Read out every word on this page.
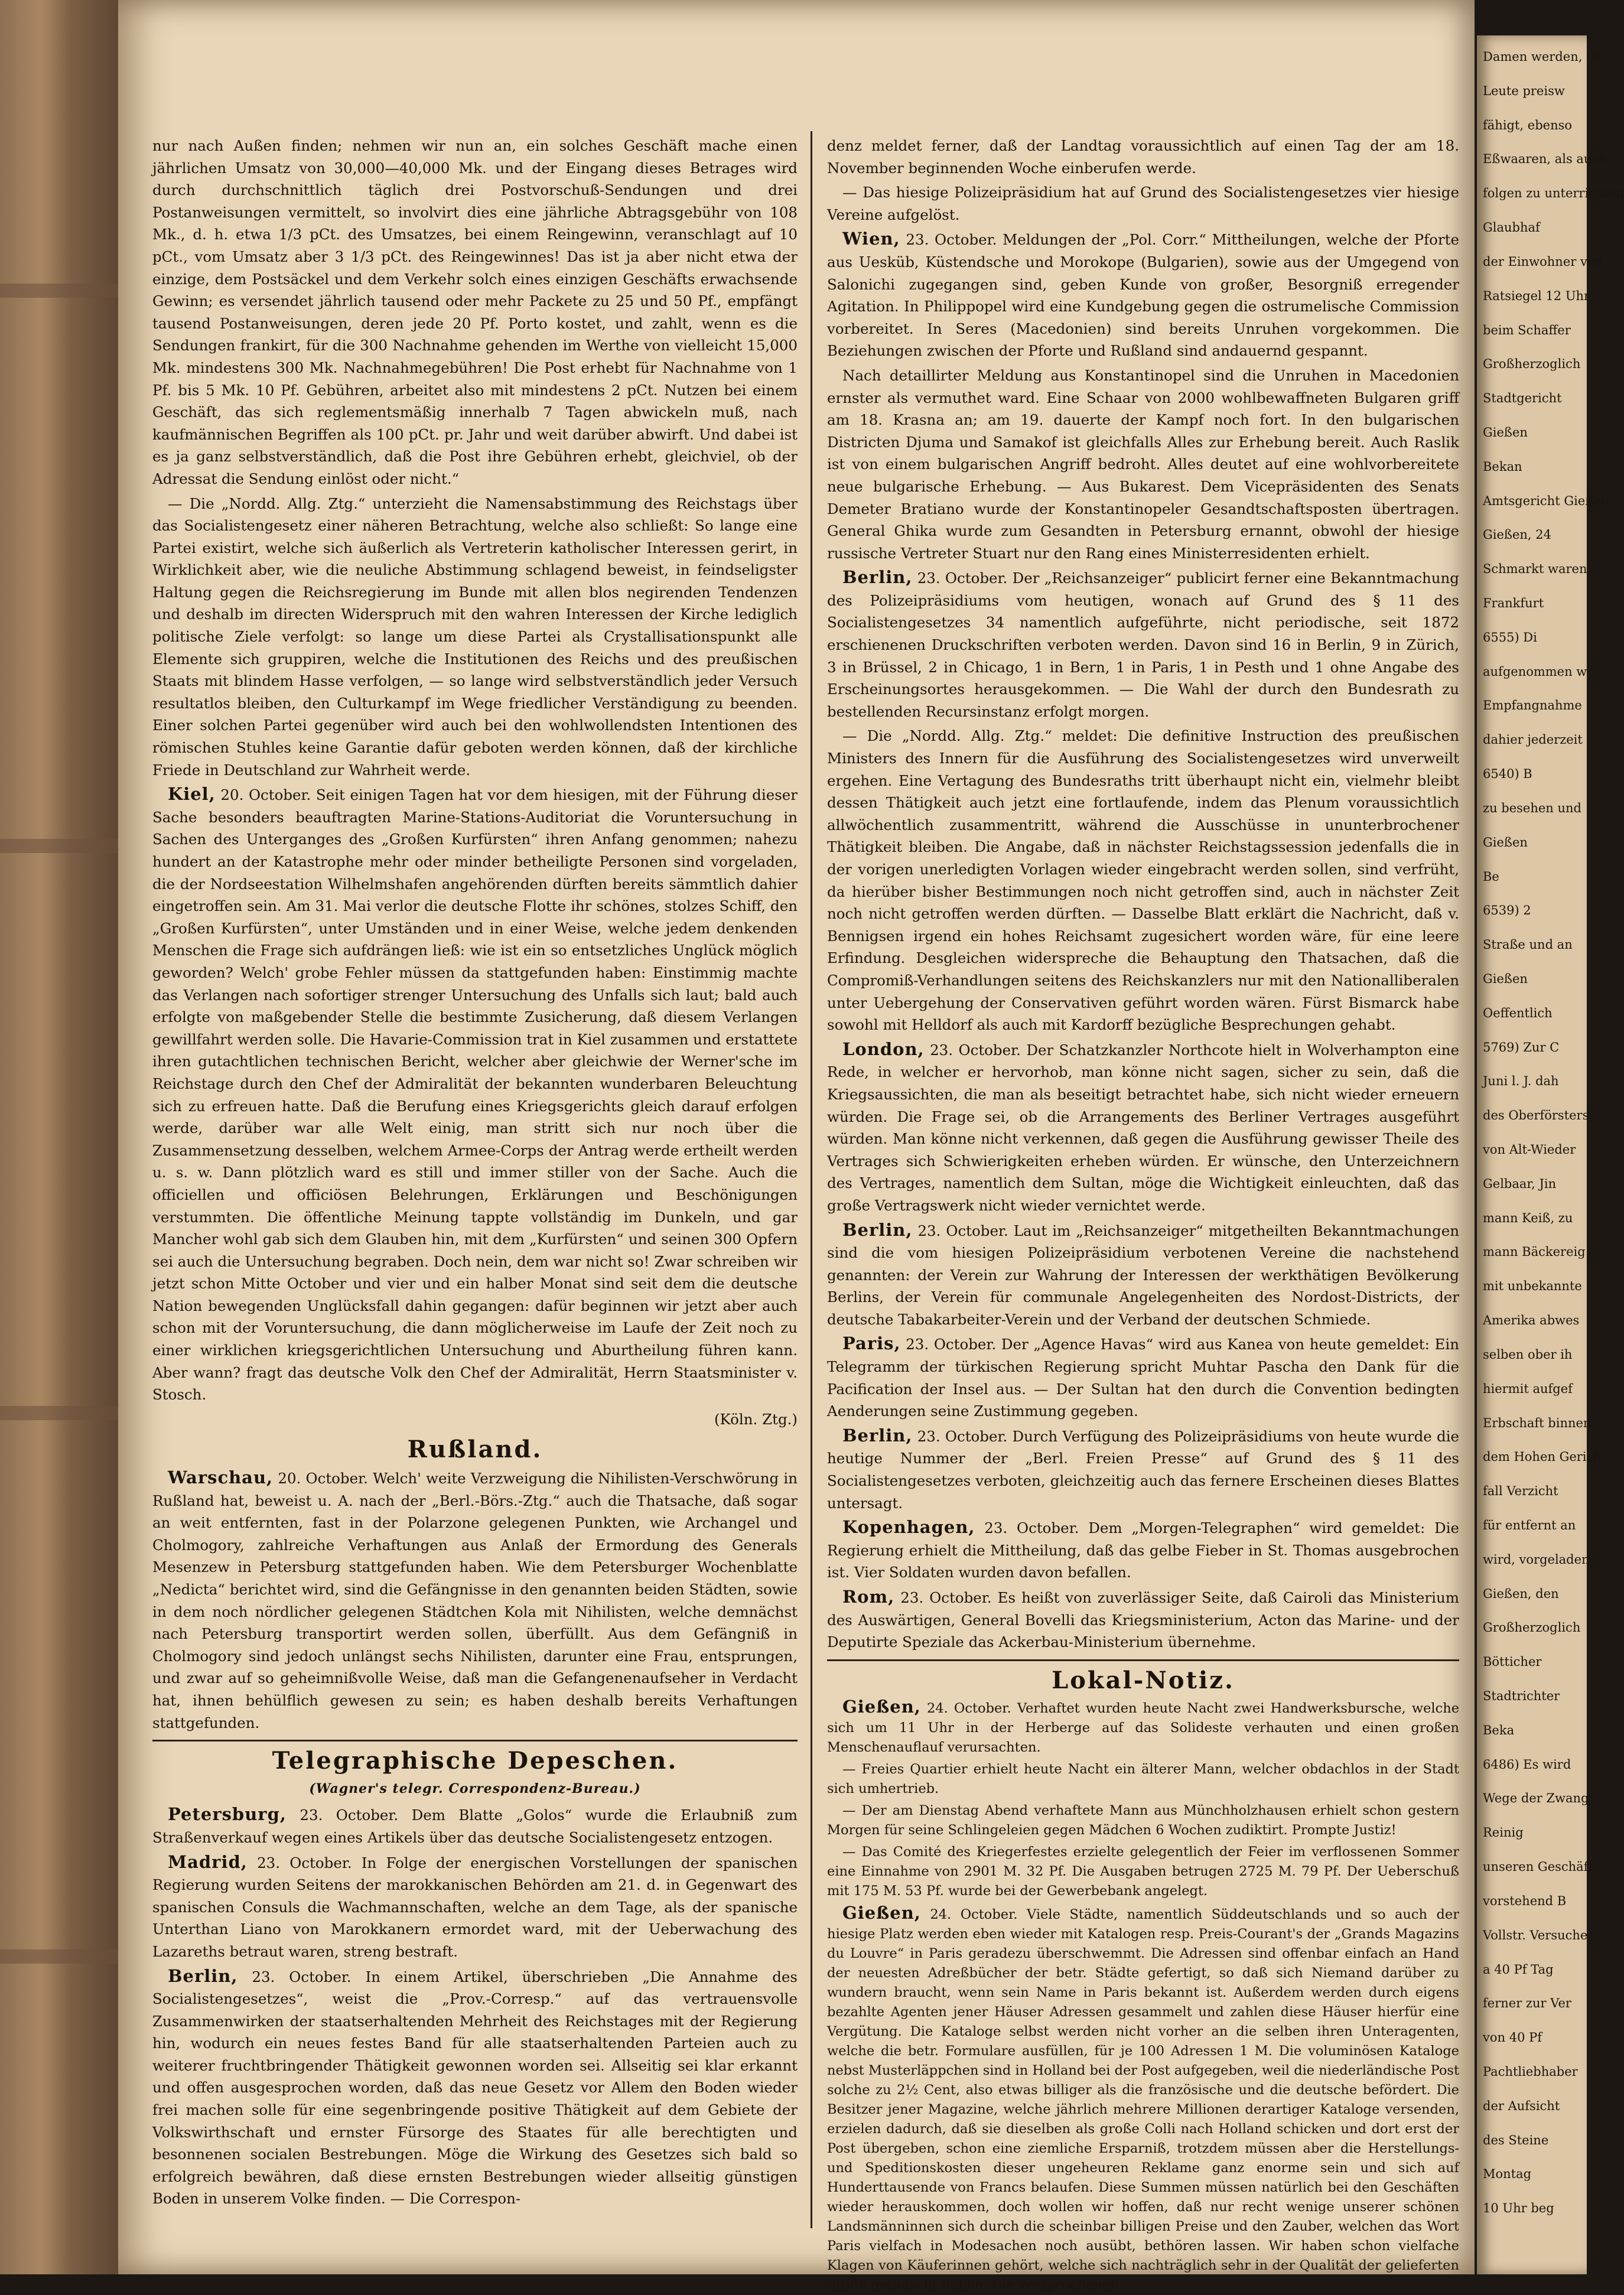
nur nach Außen finden; nehmen wir nun an, ein solches Geschäft mache einen jährlichen Umsatz von 30,000—40,000 Mk. und der Eingang dieses Betrages wird durch durchschnittlich täglich drei Postvorschuß-Sendungen und drei Postanweisungen vermittelt, so involvirt dies eine jährliche Abtragsgebühr von 108 Mk., d. h. etwa 1/3 pCt. des Umsatzes, bei einem Reingewinn, veranschlagt auf 10 pCt., vom Umsatz aber 3 1/3 pCt. des Reingewinnes! Das ist ja aber nicht etwa der einzige, dem Postsäckel und dem Verkehr solch eines einzigen Geschäfts erwachsende Gewinn; es versendet jährlich tausend oder mehr Packete zu 25 und 50 Pf., empfängt tausend Postanweisungen, deren jede 20 Pf. Porto kostet, und zahlt, wenn es die Sendungen frankirt, für die 300 Nachnahme gehenden im Werthe von vielleicht 15,000 Mk. mindestens 300 Mk. Nachnahmegebühren! Die Post erhebt für Nachnahme von 1 Pf. bis 5 Mk. 10 Pf. Gebühren, arbeitet also mit mindestens 2 pCt. Nutzen bei einem Geschäft, das sich reglementsmäßig innerhalb 7 Tagen abwickeln muß, nach kaufmännischen Begriffen als 100 pCt. pr. Jahr und weit darüber abwirft. Und dabei ist es ja ganz selbstverständlich, daß die Post ihre Gebühren erhebt, gleichviel, ob der Adressat die Sendung einlöst oder nicht.“

— Die „Nordd. Allg. Ztg.“ unterzieht die Namensabstimmung des Reichstags über das Socialistengesetz einer näheren Betrachtung, welche also schließt: So lange eine Partei existirt, welche sich äußerlich als Vertreterin katholischer Interessen gerirt, in Wirklichkeit aber, wie die neuliche Abstimmung schlagend beweist, in feindseligster Haltung gegen die Reichsregierung im Bunde mit allen blos negirenden Tendenzen und deshalb im directen Widerspruch mit den wahren Interessen der Kirche lediglich politische Ziele verfolgt: so lange um diese Partei als Crystallisationspunkt alle Elemente sich gruppiren, welche die Institutionen des Reichs und des preußischen Staats mit blindem Hasse verfolgen, — so lange wird selbstverständlich jeder Versuch resultatlos bleiben, den Culturkampf im Wege friedlicher Verständigung zu beenden. Einer solchen Partei gegenüber wird auch bei den wohlwollendsten Intentionen des römischen Stuhles keine Garantie dafür geboten werden können, daß der kirchliche Friede in Deutschland zur Wahrheit werde.

Kiel, 20. October. Seit einigen Tagen hat vor dem hiesigen, mit der Führung dieser Sache besonders beauftragten Marine-Stations-Auditoriat die Voruntersuchung in Sachen des Unterganges des „Großen Kurfürsten“ ihren Anfang genommen; nahezu hundert an der Katastrophe mehr oder minder betheiligte Personen sind vorgeladen, die der Nordseestation Wilhelmshafen angehörenden dürften bereits sämmtlich dahier eingetroffen sein. Am 31. Mai verlor die deutsche Flotte ihr schönes, stolzes Schiff, den „Großen Kurfürsten“, unter Umständen und in einer Weise, welche jedem denkenden Menschen die Frage sich aufdrängen ließ: wie ist ein so entsetzliches Unglück möglich geworden? Welch' grobe Fehler müssen da stattgefunden haben: Einstimmig machte das Verlangen nach sofortiger strenger Untersuchung des Unfalls sich laut; bald auch erfolgte von maßgebender Stelle die bestimmte Zusicherung, daß diesem Verlangen gewillfahrt werden solle. Die Havarie-Commission trat in Kiel zusammen und erstattete ihren gutachtlichen technischen Bericht, welcher aber gleichwie der Werner'sche im Reichstage durch den Chef der Admiralität der bekannten wunderbaren Beleuchtung sich zu erfreuen hatte. Daß die Berufung eines Kriegsgerichts gleich darauf erfolgen werde, darüber war alle Welt einig, man stritt sich nur noch über die Zusammensetzung desselben, welchem Armee-Corps der Antrag werde ertheilt werden u. s. w. Dann plötzlich ward es still und immer stiller von der Sache. Auch die officiellen und officiösen Belehrungen, Erklärungen und Beschönigungen verstummten. Die öffentliche Meinung tappte vollständig im Dunkeln, und gar Mancher wohl gab sich dem Glauben hin, mit dem „Kurfürsten“ und seinen 300 Opfern sei auch die Untersuchung begraben. Doch nein, dem war nicht so! Zwar schreiben wir jetzt schon Mitte October und vier und ein halber Monat sind seit dem die deutsche Nation bewegenden Unglücksfall dahin gegangen: dafür beginnen wir jetzt aber auch schon mit der Voruntersuchung, die dann möglicherweise im Laufe der Zeit noch zu einer wirklichen kriegsgerichtlichen Untersuchung und Aburtheilung führen kann. Aber wann? fragt das deutsche Volk den Chef der Admiralität, Herrn Staatsminister v. Stosch.

(Köln. Ztg.)

Rußland.

Warschau, 20. October. Welch' weite Verzweigung die Nihilisten-Verschwörung in Rußland hat, beweist u. A. nach der „Berl.-Börs.-Ztg.“ auch die Thatsache, daß sogar an weit entfernten, fast in der Polarzone gelegenen Punkten, wie Archangel und Cholmogory, zahlreiche Verhaftungen aus Anlaß der Ermordung des Generals Mesenzew in Petersburg stattgefunden haben. Wie dem Petersburger Wochenblatte „Nedicta“ berichtet wird, sind die Gefängnisse in den genannten beiden Städten, sowie in dem noch nördlicher gelegenen Städtchen Kola mit Nihilisten, welche demnächst nach Petersburg transportirt werden sollen, überfüllt. Aus dem Gefängniß in Cholmogory sind jedoch unlängst sechs Nihilisten, darunter eine Frau, entsprungen, und zwar auf so geheimnißvolle Weise, daß man die Gefangenenaufseher in Verdacht hat, ihnen behülflich gewesen zu sein; es haben deshalb bereits Verhaftungen stattgefunden.

Telegraphische Depeschen.
(Wagner's telegr. Correspondenz-Bureau.)

Petersburg, 23. October. Dem Blatte „Golos“ wurde die Erlaubniß zum Straßenverkauf wegen eines Artikels über das deutsche Socialistengesetz entzogen.

Madrid, 23. October. In Folge der energischen Vorstellungen der spanischen Regierung wurden Seitens der marokkanischen Behörden am 21. d. in Gegenwart des spanischen Consuls die Wachmannschaften, welche an dem Tage, als der spanische Unterthan Liano von Marokkanern ermordet ward, mit der Ueberwachung des Lazareths betraut waren, streng bestraft.

Berlin, 23. October. In einem Artikel, überschrieben „Die Annahme des Socialistengesetzes“, weist die „Prov.-Corresp.“ auf das vertrauensvolle Zusammenwirken der staatserhaltenden Mehrheit des Reichstages mit der Regierung hin, wodurch ein neues festes Band für alle staatserhaltenden Parteien auch zu weiterer fruchtbringender Thätigkeit gewonnen worden sei. Allseitig sei klar erkannt und offen ausgesprochen worden, daß das neue Gesetz vor Allem den Boden wieder frei machen solle für eine segenbringende positive Thätigkeit auf dem Gebiete der Volkswirthschaft und ernster Fürsorge des Staates für alle berechtigten und besonnenen socialen Bestrebungen. Möge die Wirkung des Gesetzes sich bald so erfolgreich bewähren, daß diese ernsten Bestrebungen wieder allseitig günstigen Boden in unserem Volke finden. — Die Correspon-

denz meldet ferner, daß der Landtag voraussichtlich auf einen Tag der am 18. November beginnenden Woche einberufen werde.

— Das hiesige Polizeipräsidium hat auf Grund des Socialistengesetzes vier hiesige Vereine aufgelöst.

Wien, 23. October. Meldungen der „Pol. Corr.“ Mittheilungen, welche der Pforte aus Uesküb, Küstendsche und Morokope (Bulgarien), sowie aus der Umgegend von Salonichi zugegangen sind, geben Kunde von großer, Besorgniß erregender Agitation. In Philippopel wird eine Kundgebung gegen die ostrumelische Commission vorbereitet. In Seres (Macedonien) sind bereits Unruhen vorgekommen. Die Beziehungen zwischen der Pforte und Rußland sind andauernd gespannt.

Nach detaillirter Meldung aus Konstantinopel sind die Unruhen in Macedonien ernster als vermuthet ward. Eine Schaar von 2000 wohlbewaffneten Bulgaren griff am 18. Krasna an; am 19. dauerte der Kampf noch fort. In den bulgarischen Districten Djuma und Samakof ist gleichfalls Alles zur Erhebung bereit. Auch Raslik ist von einem bulgarischen Angriff bedroht. Alles deutet auf eine wohlvorbereitete neue bulgarische Erhebung. — Aus Bukarest. Dem Vicepräsidenten des Senats Demeter Bratiano wurde der Konstantinopeler Gesandtschaftsposten übertragen. General Ghika wurde zum Gesandten in Petersburg ernannt, obwohl der hiesige russische Vertreter Stuart nur den Rang eines Ministerresidenten erhielt.

Berlin, 23. October. Der „Reichsanzeiger“ publicirt ferner eine Bekanntmachung des Polizeipräsidiums vom heutigen, wonach auf Grund des § 11 des Socialistengesetzes 34 namentlich aufgeführte, nicht periodische, seit 1872 erschienenen Druckschriften verboten werden. Davon sind 16 in Berlin, 9 in Zürich, 3 in Brüssel, 2 in Chicago, 1 in Bern, 1 in Paris, 1 in Pesth und 1 ohne Angabe des Erscheinungsortes herausgekommen. — Die Wahl der durch den Bundesrath zu bestellenden Recursinstanz erfolgt morgen.

— Die „Nordd. Allg. Ztg.“ meldet: Die definitive Instruction des preußischen Ministers des Innern für die Ausführung des Socialistengesetzes wird unverweilt ergehen. Eine Vertagung des Bundesraths tritt überhaupt nicht ein, vielmehr bleibt dessen Thätigkeit auch jetzt eine fortlaufende, indem das Plenum voraussichtlich allwöchentlich zusammentritt, während die Ausschüsse in ununterbrochener Thätigkeit bleiben. Die Angabe, daß in nächster Reichstagssession jedenfalls die in der vorigen unerledigten Vorlagen wieder eingebracht werden sollen, sind verfrüht, da hierüber bisher Bestimmungen noch nicht getroffen sind, auch in nächster Zeit noch nicht getroffen werden dürften. — Dasselbe Blatt erklärt die Nachricht, daß v. Bennigsen irgend ein hohes Reichsamt zugesichert worden wäre, für eine leere Erfindung. Desgleichen widerspreche die Behauptung den Thatsachen, daß die Compromiß-Verhandlungen seitens des Reichskanzlers nur mit den Nationalliberalen unter Uebergehung der Conservativen geführt worden wären. Fürst Bismarck habe sowohl mit Helldorf als auch mit Kardorff bezügliche Besprechungen gehabt.

London, 23. October. Der Schatzkanzler Northcote hielt in Wolverhampton eine Rede, in welcher er hervorhob, man könne nicht sagen, sicher zu sein, daß die Kriegsaussichten, die man als beseitigt betrachtet habe, sich nicht wieder erneuern würden. Die Frage sei, ob die Arrangements des Berliner Vertrages ausgeführt würden. Man könne nicht verkennen, daß gegen die Ausführung gewisser Theile des Vertrages sich Schwierigkeiten erheben würden. Er wünsche, den Unterzeichnern des Vertrages, namentlich dem Sultan, möge die Wichtigkeit einleuchten, daß das große Vertragswerk nicht wieder vernichtet werde.

Berlin, 23. October. Laut im „Reichsanzeiger“ mitgetheilten Bekanntmachungen sind die vom hiesigen Polizeipräsidium verbotenen Vereine die nachstehend genannten: der Verein zur Wahrung der Interessen der werkthätigen Bevölkerung Berlins, der Verein für communale Angelegenheiten des Nordost-Districts, der deutsche Tabakarbeiter-Verein und der Verband der deutschen Schmiede.

Paris, 23. October. Der „Agence Havas“ wird aus Kanea von heute gemeldet: Ein Telegramm der türkischen Regierung spricht Muhtar Pascha den Dank für die Pacification der Insel aus. — Der Sultan hat den durch die Convention bedingten Aenderungen seine Zustimmung gegeben.

Berlin, 23. October. Durch Verfügung des Polizeipräsidiums von heute wurde die heutige Nummer der „Berl. Freien Presse“ auf Grund des § 11 des Socialistengesetzes verboten, gleichzeitig auch das fernere Erscheinen dieses Blattes untersagt.

Kopenhagen, 23. October. Dem „Morgen-Telegraphen“ wird gemeldet: Die Regierung erhielt die Mittheilung, daß das gelbe Fieber in St. Thomas ausgebrochen ist. Vier Soldaten wurden davon befallen.

Rom, 23. October. Es heißt von zuverlässiger Seite, daß Cairoli das Ministerium des Auswärtigen, General Bovelli das Kriegsministerium, Acton das Marine- und der Deputirte Speziale das Ackerbau-Ministerium übernehme.

Lokal-Notiz.

Gießen, 24. October. Verhaftet wurden heute Nacht zwei Handwerksbursche, welche sich um 11 Uhr in der Herberge auf das Solideste verhauten und einen großen Menschenauflauf verursachten.

— Freies Quartier erhielt heute Nacht ein älterer Mann, welcher obdachlos in der Stadt sich umhertrieb.

— Der am Dienstag Abend verhaftete Mann aus Münchholzhausen erhielt schon gestern Morgen für seine Schlingeleien gegen Mädchen 6 Wochen zudiktirt. Prompte Justiz!

— Das Comité des Kriegerfestes erzielte gelegentlich der Feier im verflossenen Sommer eine Einnahme von 2901 M. 32 Pf. Die Ausgaben betrugen 2725 M. 79 Pf. Der Ueberschuß mit 175 M. 53 Pf. wurde bei der Gewerbebank angelegt.

Gießen, 24. October. Viele Städte, namentlich Süddeutschlands und so auch der hiesige Platz werden eben wieder mit Katalogen resp. Preis-Courant's der „Grands Magazins du Louvre“ in Paris geradezu überschwemmt. Die Adressen sind offenbar einfach an Hand der neuesten Adreßbücher der betr. Städte gefertigt, so daß sich Niemand darüber zu wundern braucht, wenn sein Name in Paris bekannt ist. Außerdem werden durch eigens bezahlte Agenten jener Häuser Adressen gesammelt und zahlen diese Häuser hierfür eine Vergütung. Die Kataloge selbst werden nicht vorher an die selben ihren Unteragenten, welche die betr. Formulare ausfüllen, für je 100 Adressen 1 M. Die voluminösen Kataloge nebst Musterläppchen sind in Holland bei der Post aufgegeben, weil die niederländische Post solche zu 2½ Cent, also etwas billiger als die französische und die deutsche befördert. Die Besitzer jener Magazine, welche jährlich mehrere Millionen derartiger Kataloge versenden, erzielen dadurch, daß sie dieselben als große Colli nach Holland schicken und dort erst der Post übergeben, schon eine ziemliche Ersparniß, trotzdem müssen aber die Herstellungs- und Speditionskosten dieser ungeheuren Reklame ganz enorme sein und sich auf Hunderttausende von Francs belaufen. Diese Summen müssen natürlich bei den Geschäften wieder herauskommen, doch wollen wir hoffen, daß nur recht wenige unserer schönen Landsmänninnen sich durch die scheinbar billigen Preise und den Zauber, welchen das Wort Paris vielfach in Modesachen noch ausübt, bethören lassen. Wir haben schon vielfache Klagen von Käuferinnen gehört, welche sich nachträglich sehr in der Qualität der gelieferten Stoffe getäuscht haben. Die versprochenen

Damen werden, Di
Leute preisw
fähigt, ebenso
Eßwaaren, als auch
folgen zu unterrichten
Glaubhaf
der Einwohner von
Ratsiegel 12 Uhr
beim Schaffer
Großherzoglich
Stadtgericht
Gießen
Bekan
Amtsgericht Gießen
Gießen, 24
Schmarkt waren
Frankfurt
6555) Di
aufgenommen w
Empfangnahme
dahier jederzeit
6540) B
zu besehen und
Gießen
Be
6539) 2
Straße und an
Gießen
Oeffentlich
5769) Zur C
Juni l. J. dah
des Oberförsters
von Alt-Wieder
Gelbaar, Jin
mann Keiß, zu
mann Bäckereig
mit unbekannte
Amerika abwes
selben ober ih
hiermit aufgef
Erbschaft binnen
dem Hohen Gerich
fall Verzicht
für entfernt an
wird, vorgeladen
Gießen, den
Großherzoglich
Bötticher
Stadtrichter
Beka
6486) Es wird
Wege der Zwang
Reinig
unseren Geschäft
vorstehend B
Vollstr. Versuche
a 40 Pf Tag
ferner zur Ver
von 40 Pf
Pachtliebhaber
der Aufsicht
des Steine
Montag
10 Uhr beg
